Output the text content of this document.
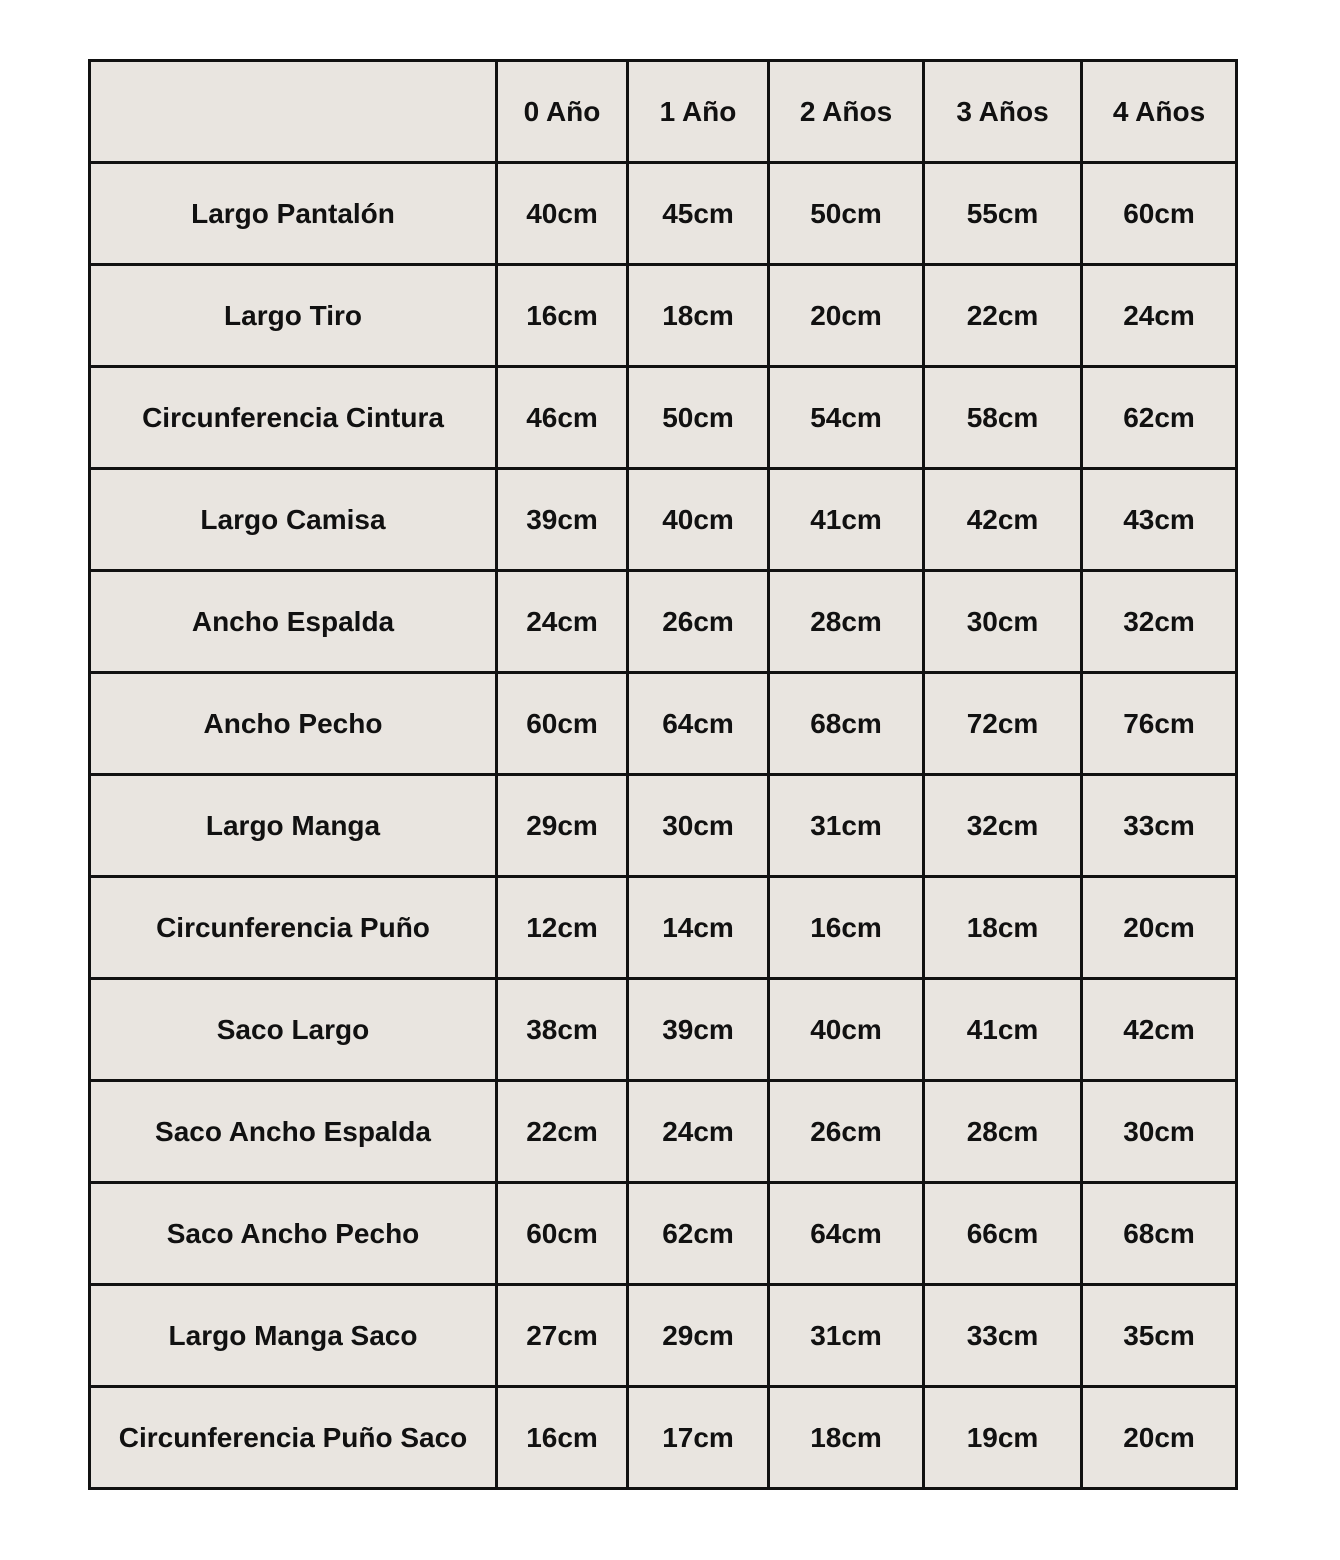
	0 Año	1 Año	2 Años	3 Años	4 Años
Largo Pantalón	40cm	45cm	50cm	55cm	60cm
Largo Tiro	16cm	18cm	20cm	22cm	24cm
Circunferencia Cintura	46cm	50cm	54cm	58cm	62cm
Largo Camisa	39cm	40cm	41cm	42cm	43cm
Ancho Espalda	24cm	26cm	28cm	30cm	32cm
Ancho Pecho	60cm	64cm	68cm	72cm	76cm
Largo Manga	29cm	30cm	31cm	32cm	33cm
Circunferencia Puño	12cm	14cm	16cm	18cm	20cm
Saco Largo	38cm	39cm	40cm	41cm	42cm
Saco Ancho Espalda	22cm	24cm	26cm	28cm	30cm
Saco Ancho Pecho	60cm	62cm	64cm	66cm	68cm
Largo Manga Saco	27cm	29cm	31cm	33cm	35cm
Circunferencia Puño Saco	16cm	17cm	18cm	19cm	20cm
